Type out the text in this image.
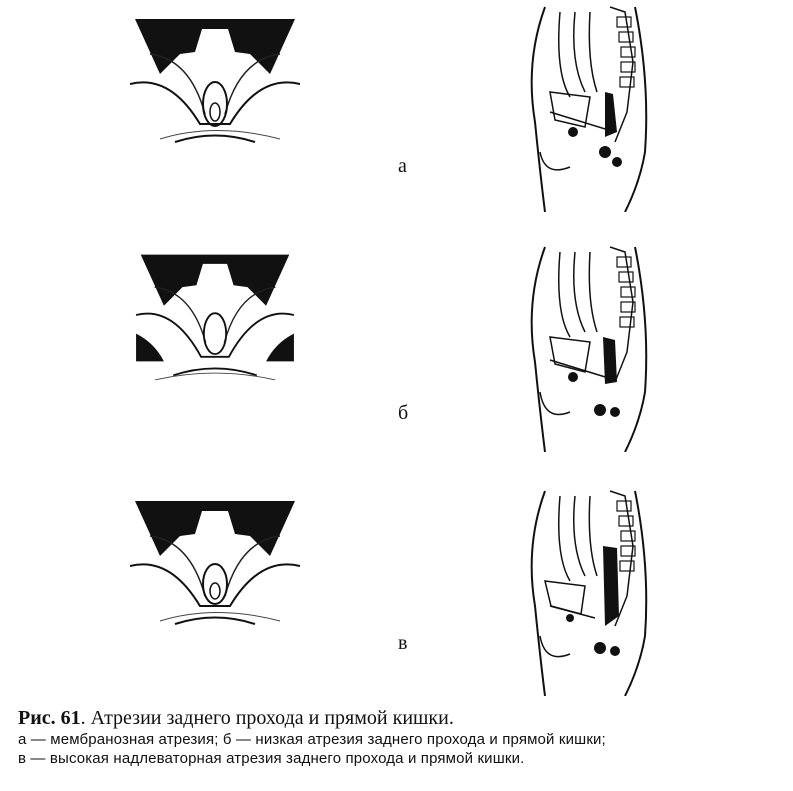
а
б
в
Рис. 61. Атрезии заднего прохода и прямой кишки.
а — мембранозная атрезия; б — низкая атрезия заднего прохода и прямой кишки;
в — высокая надлеваторная атрезия заднего прохода и прямой кишки.
